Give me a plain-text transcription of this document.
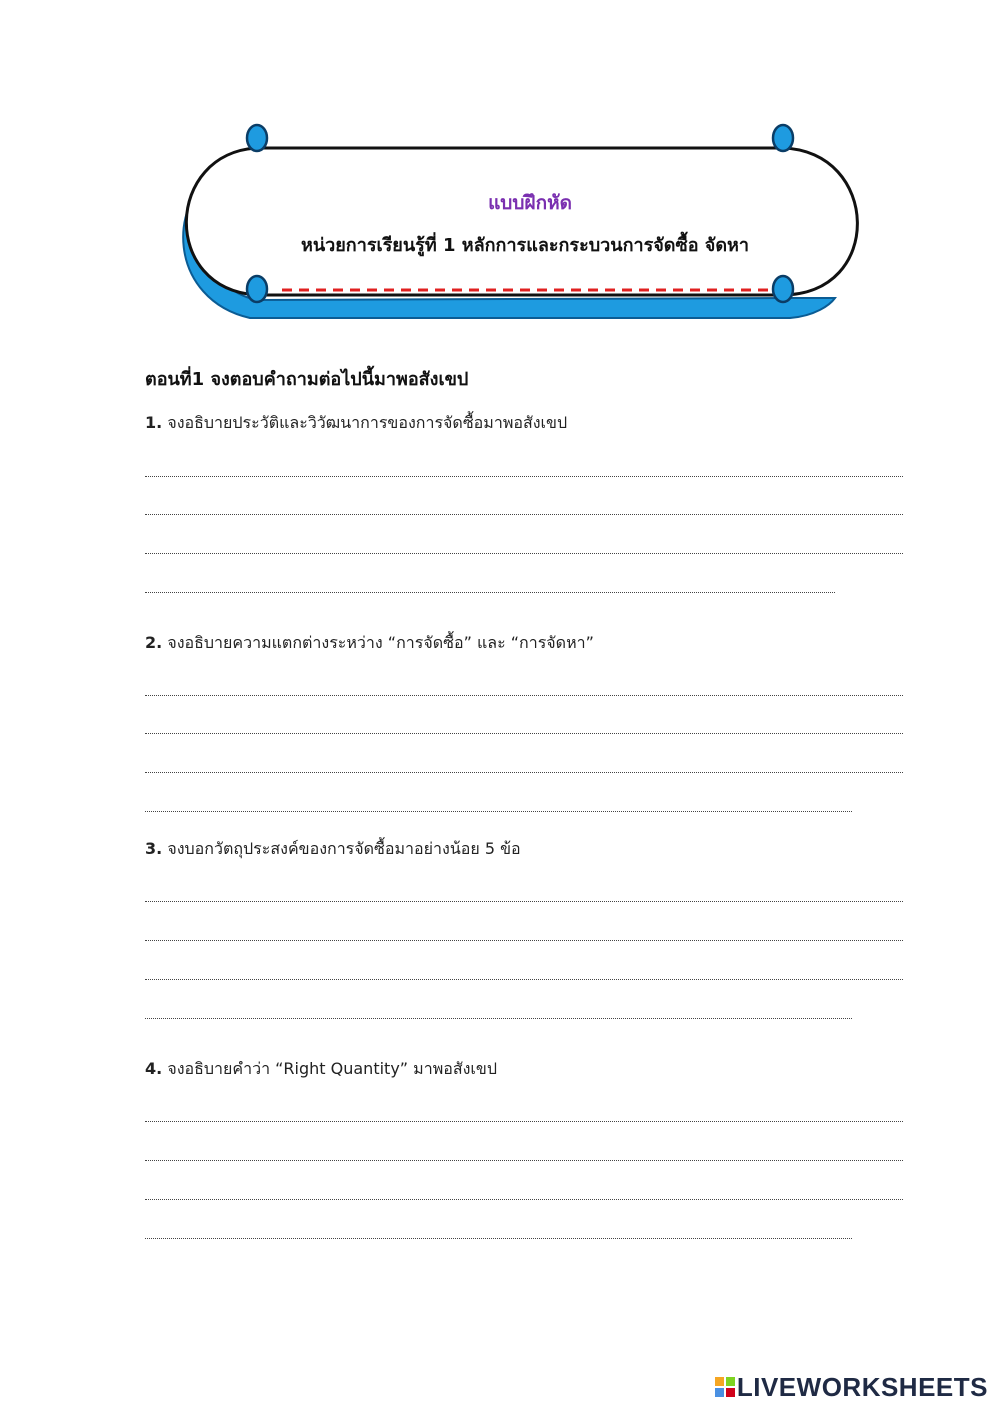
แบบฝึกหัด
หน่วยการเรียนรู้ที่ 1 หลักการและกระบวนการจัดซื้อ จัดหา
ตอนที่1 จงตอบคำถามต่อไปนี้มาพอสังเขป
1. จงอธิบายประวัติและวิวัฒนาการของการจัดซื้อมาพอสังเขป
2. จงอธิบายความแตกต่างระหว่าง “การจัดซื้อ” และ “การจัดหา”
3. จงบอกวัตถุประสงค์ของการจัดซื้อมาอย่างน้อย 5 ข้อ
4. จงอธิบายคำว่า “Right Quantity” มาพอสังเขป
LIVEWORKSHEETS
